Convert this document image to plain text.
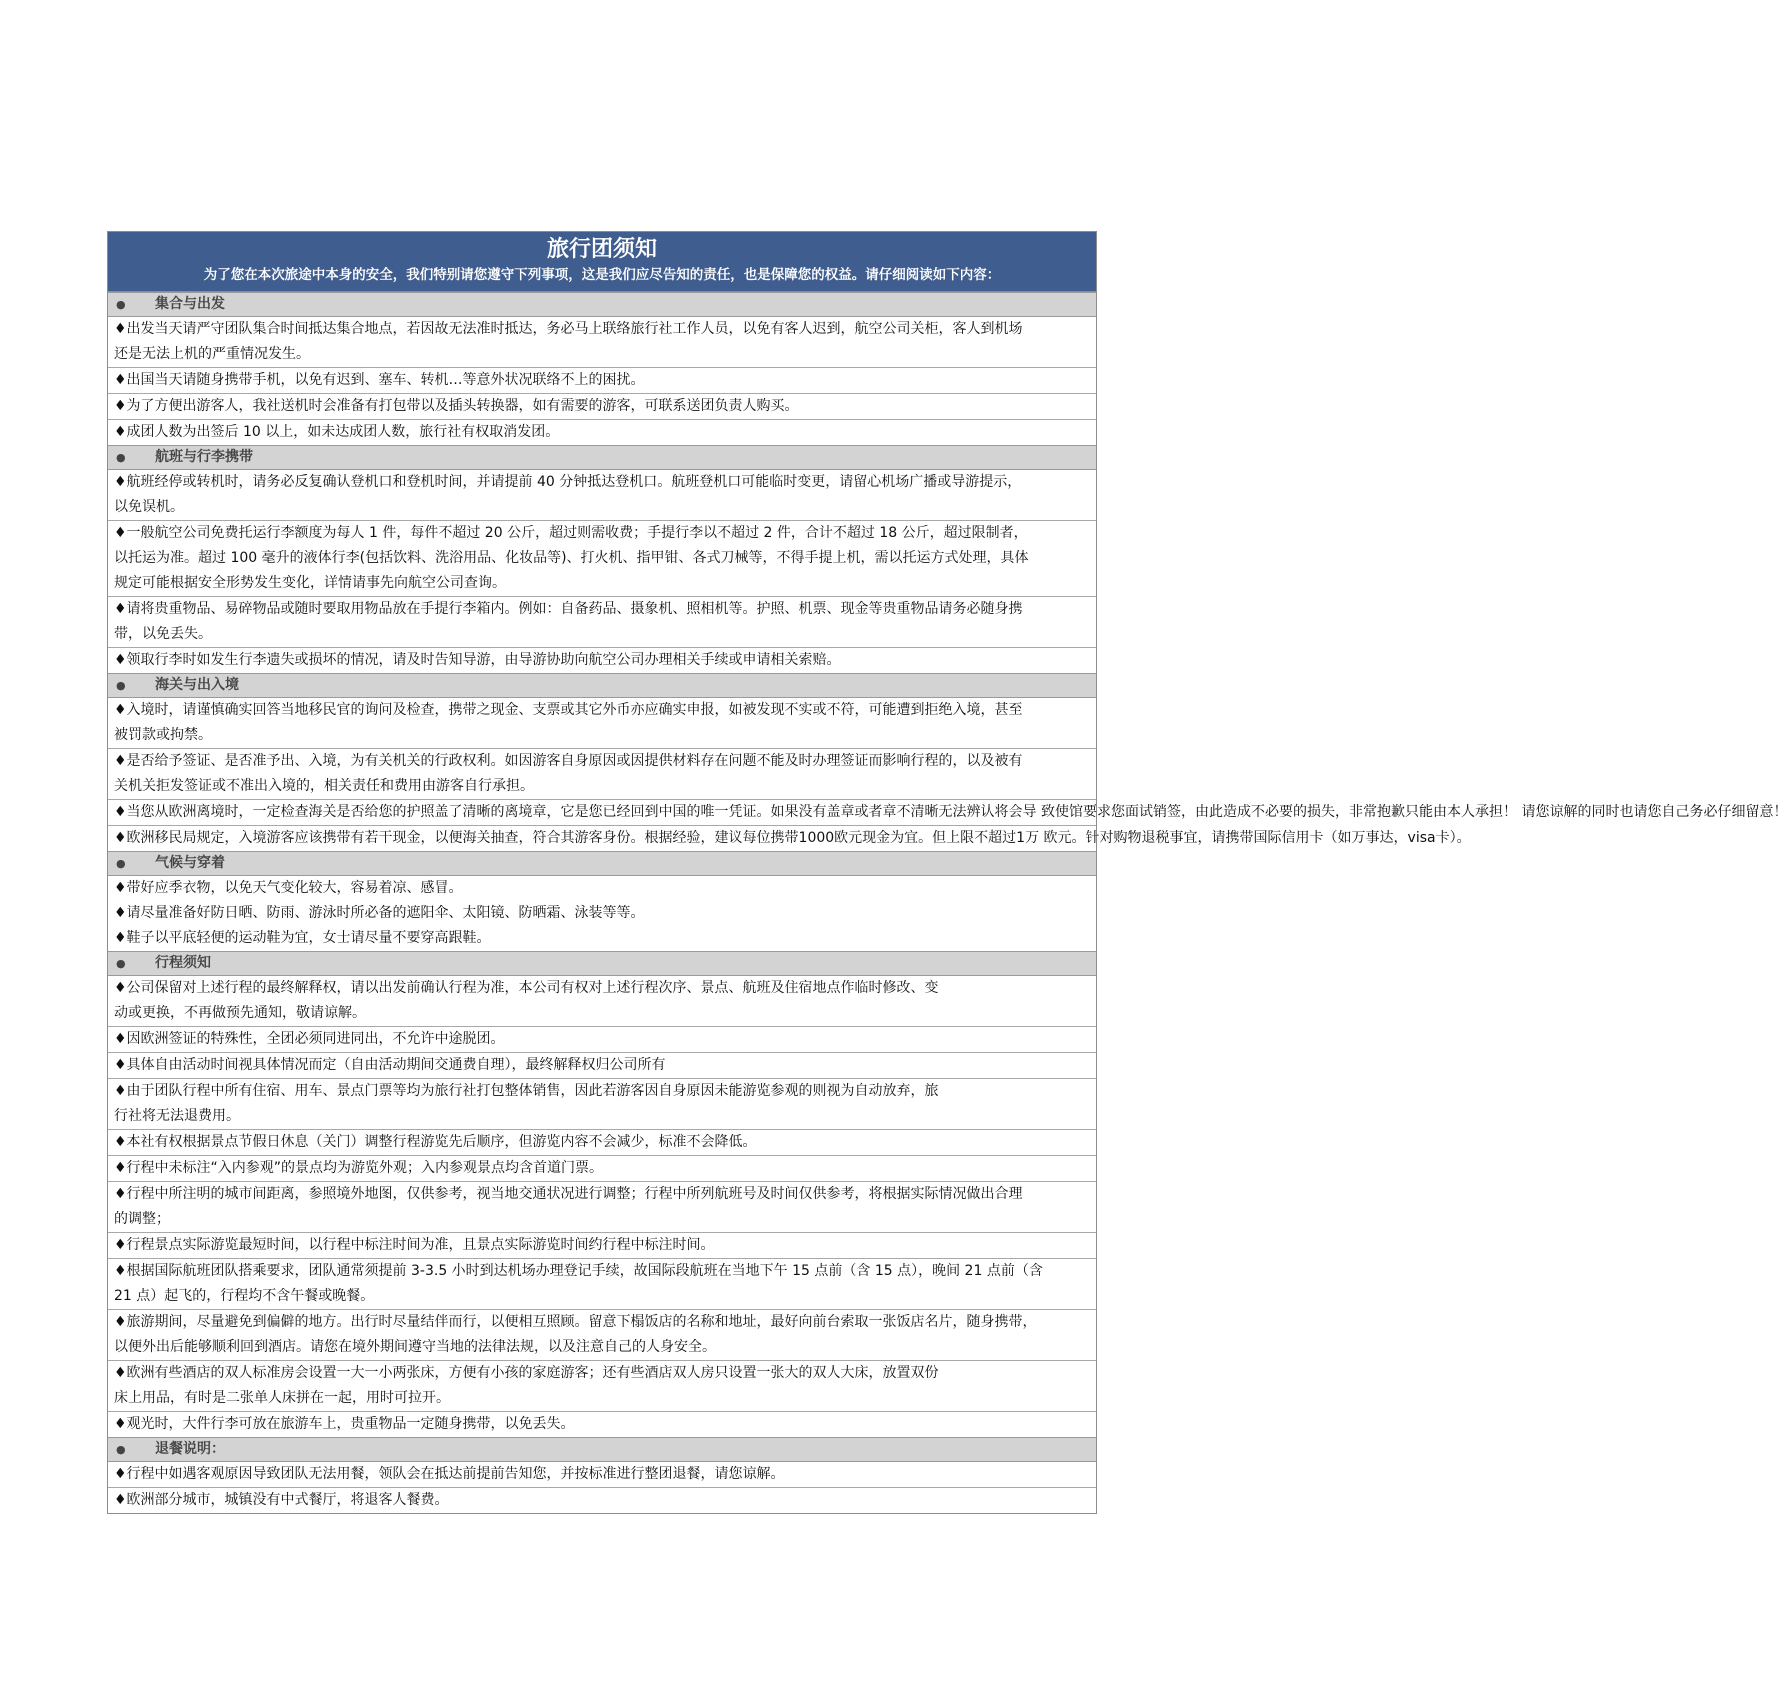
旅行团须知
为了您在本次旅途中本身的安全，我们特别请您遵守下列事项，这是我们应尽告知的责任，也是保障您的权益。请仔细阅读如下内容：
● 集合与出发
♦出发当天请严守团队集合时间抵达集合地点，若因故无法准时抵达，务必马上联络旅行社工作人员，以免有客人迟到，航空公司关柜，客人到机场
还是无法上机的严重情况发生。
♦出国当天请随身携带手机，以免有迟到、塞车、转机…等意外状况联络不上的困扰。
♦为了方便出游客人，我社送机时会准备有打包带以及插头转换器，如有需要的游客，可联系送团负责人购买。
♦成团人数为出签后 10 以上，如未达成团人数，旅行社有权取消发团。
● 航班与行李携带
♦航班经停或转机时，请务必反复确认登机口和登机时间，并请提前 40 分钟抵达登机口。航班登机口可能临时变更，请留心机场广播或导游提示，
以免误机。
♦一般航空公司免费托运行李额度为每人 1 件，每件不超过 20 公斤，超过则需收费；手提行李以不超过 2 件，合计不超过 18 公斤，超过限制者，
以托运为准。超过 100 毫升的液体行李(包括饮料、洗浴用品、化妆品等)、打火机、指甲钳、各式刀械等，不得手提上机，需以托运方式处理，具体
规定可能根据安全形势发生变化，详情请事先向航空公司查询。
♦请将贵重物品、易碎物品或随时要取用物品放在手提行李箱内。例如：自备药品、摄象机、照相机等。护照、机票、现金等贵重物品请务必随身携
带，以免丢失。
♦领取行李时如发生行李遗失或损坏的情况，请及时告知导游，由导游协助向航空公司办理相关手续或申请相关索赔。
● 海关与出入境
♦入境时，请谨慎确实回答当地移民官的询问及检查，携带之现金、支票或其它外币亦应确实申报，如被发现不实或不符，可能遭到拒绝入境，甚至
被罚款或拘禁。
♦是否给予签证、是否准予出、入境，为有关机关的行政权利。如因游客自身原因或因提供材料存在问题不能及时办理签证而影响行程的，以及被有
关机关拒发签证或不准出入境的，相关责任和费用由游客自行承担。
♦当您从欧洲离境时，一定检查海关是否给您的护照盖了清晰的离境章，它是您已经回到中国的唯一凭证。如果没有盖章或者章不清晰无法辨认将会导 致使馆要求您面试销签，由此造成不必要的损失，非常抱歉只能由本人承担！ 请您谅解的同时也请您自己务必仔细留意！
♦欧洲移民局规定，入境游客应该携带有若干现金，以便海关抽查，符合其游客身份。根据经验，建议每位携带1000欧元现金为宜。但上限不超过1万 欧元。针对购物退税事宜，请携带国际信用卡（如万事达，visa卡）。
● 气候与穿着
♦带好应季衣物，以免天气变化较大，容易着凉、感冒。
♦请尽量准备好防日晒、防雨、游泳时所必备的遮阳伞、太阳镜、防晒霜、泳装等等。
♦鞋子以平底轻便的运动鞋为宜，女士请尽量不要穿高跟鞋。
● 行程须知
♦公司保留对上述行程的最终解释权，请以出发前确认行程为准，本公司有权对上述行程次序、景点、航班及住宿地点作临时修改、变
动或更换，不再做预先通知，敬请谅解。
♦因欧洲签证的特殊性，全团必须同进同出，不允许中途脱团。
♦具体自由活动时间视具体情况而定（自由活动期间交通费自理），最终解释权归公司所有
♦由于团队行程中所有住宿、用车、景点门票等均为旅行社打包整体销售，因此若游客因自身原因未能游览参观的则视为自动放弃，旅
行社将无法退费用。
♦本社有权根据景点节假日休息（关门）调整行程游览先后顺序，但游览内容不会减少，标准不会降低。
♦行程中未标注“入内参观”的景点均为游览外观；入内参观景点均含首道门票。
♦行程中所注明的城市间距离，参照境外地图，仅供参考，视当地交通状况进行调整；行程中所列航班号及时间仅供参考，将根据实际情况做出合理
的调整；
♦行程景点实际游览最短时间，以行程中标注时间为准，且景点实际游览时间约行程中标注时间。
♦根据国际航班团队搭乘要求，团队通常须提前 3-3.5 小时到达机场办理登记手续，故国际段航班在当地下午 15 点前（含 15 点），晚间 21 点前（含
21 点）起飞的，行程均不含午餐或晚餐。
♦旅游期间，尽量避免到偏僻的地方。出行时尽量结伴而行，以便相互照顾。留意下榻饭店的名称和地址，最好向前台索取一张饭店名片，随身携带，
以便外出后能够顺利回到酒店。请您在境外期间遵守当地的法律法规，以及注意自己的人身安全。
♦欧洲有些酒店的双人标准房会设置一大一小两张床，方便有小孩的家庭游客；还有些酒店双人房只设置一张大的双人大床，放置双份
床上用品，有时是二张单人床拼在一起，用时可拉开。
♦观光时，大件行李可放在旅游车上，贵重物品一定随身携带，以免丢失。
● 退餐说明：
♦行程中如遇客观原因导致团队无法用餐，领队会在抵达前提前告知您，并按标准进行整团退餐，请您谅解。
♦欧洲部分城市，城镇没有中式餐厅，将退客人餐费。
